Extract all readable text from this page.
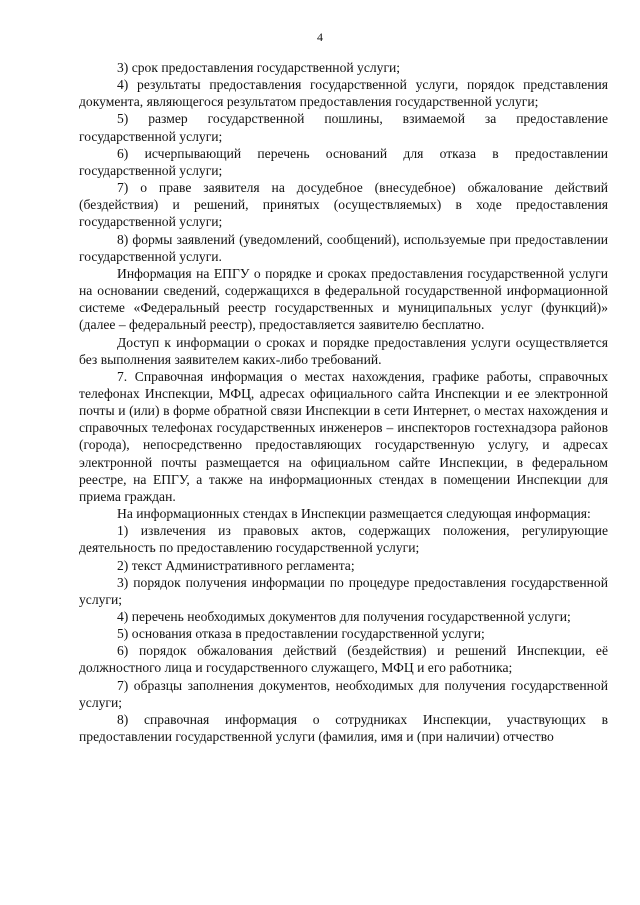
4

3) срок предоставления государственной услуги;

4) результаты предоставления государственной услуги, порядок представления документа, являющегося результатом предоставления государственной услуги;

5) размер государственной пошлины, взимаемой за предоставление государственной услуги;

6) исчерпывающий перечень оснований для отказа в предоставлении государственной услуги;

7) о праве заявителя на досудебное (внесудебное) обжалование действий (бездействия) и решений, принятых (осуществляемых) в ходе предоставления государственной услуги;

8) формы заявлений (уведомлений, сообщений), используемые при предоставлении государственной услуги.

Информация на ЕПГУ о порядке и сроках предоставления государственной услуги на основании сведений, содержащихся в федеральной государственной информационной системе «Федеральный реестр государственных и муниципальных услуг (функций)» (далее – федеральный реестр), предоставляется заявителю бесплатно.

Доступ к информации о сроках и порядке предоставления услуги осуществляется без выполнения заявителем каких-либо требований.

7. Справочная информация о местах нахождения, графике работы, справочных телефонах Инспекции, МФЦ, адресах официального сайта Инспекции и ее электронной почты и (или) в форме обратной связи Инспекции в сети Интернет, о местах нахождения и справочных телефонах государственных инженеров – инспекторов гостехнадзора районов (города), непосредственно предоставляющих государственную услугу, и адресах электронной почты размещается на официальном сайте Инспекции, в федеральном реестре, на ЕПГУ, а также на информационных стендах в помещении Инспекции для приема граждан.

На информационных стендах в Инспекции размещается следующая информация:

1) извлечения из правовых актов, содержащих положения, регулирующие деятельность по предоставлению государственной услуги;

2) текст Административного регламента;

3) порядок получения информации по процедуре предоставления государственной услуги;

4) перечень необходимых документов для получения государственной услуги;

5) основания отказа в предоставлении государственной услуги;

6) порядок обжалования действий (бездействия) и решений Инспекции, её должностного лица и государственного служащего, МФЦ и его работника;

7) образцы заполнения документов, необходимых для получения государственной услуги;

8) справочная информация о сотрудниках Инспекции, участвующих в предоставлении государственной услуги (фамилия, имя и (при наличии) отчество
